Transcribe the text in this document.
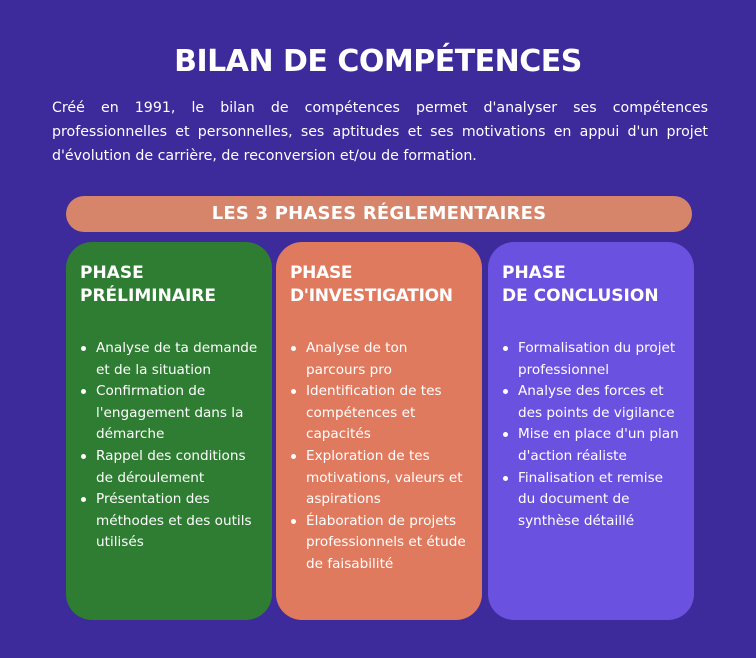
BILAN DE COMPÉTENCES
Créé en 1991, le bilan de compétences permet d'analyser ses compétences professionnelles et personnelles, ses aptitudes et ses motivations en appui d'un projet d'évolution de carrière, de reconversion et/ou de formation.
LES 3 PHASES RÉGLEMENTAIRES
PHASE
PRÉLIMINAIRE
Analyse de ta demande et de la situation
Confirmation de l'engagement dans la démarche
Rappel des conditions de déroulement
Présentation des méthodes et des outils utilisés
PHASE
D'INVESTIGATION
Analyse de ton parcours pro
Identification de tes compétences et capacités
Exploration de tes motivations, valeurs et aspirations
Élaboration de projets professionnels et étude de faisabilité
PHASE
DE CONCLUSION
Formalisation du projet professionnel
Analyse des forces et des points de vigilance
Mise en place d'un plan d'action réaliste
Finalisation et remise du document de synthèse détaillé
